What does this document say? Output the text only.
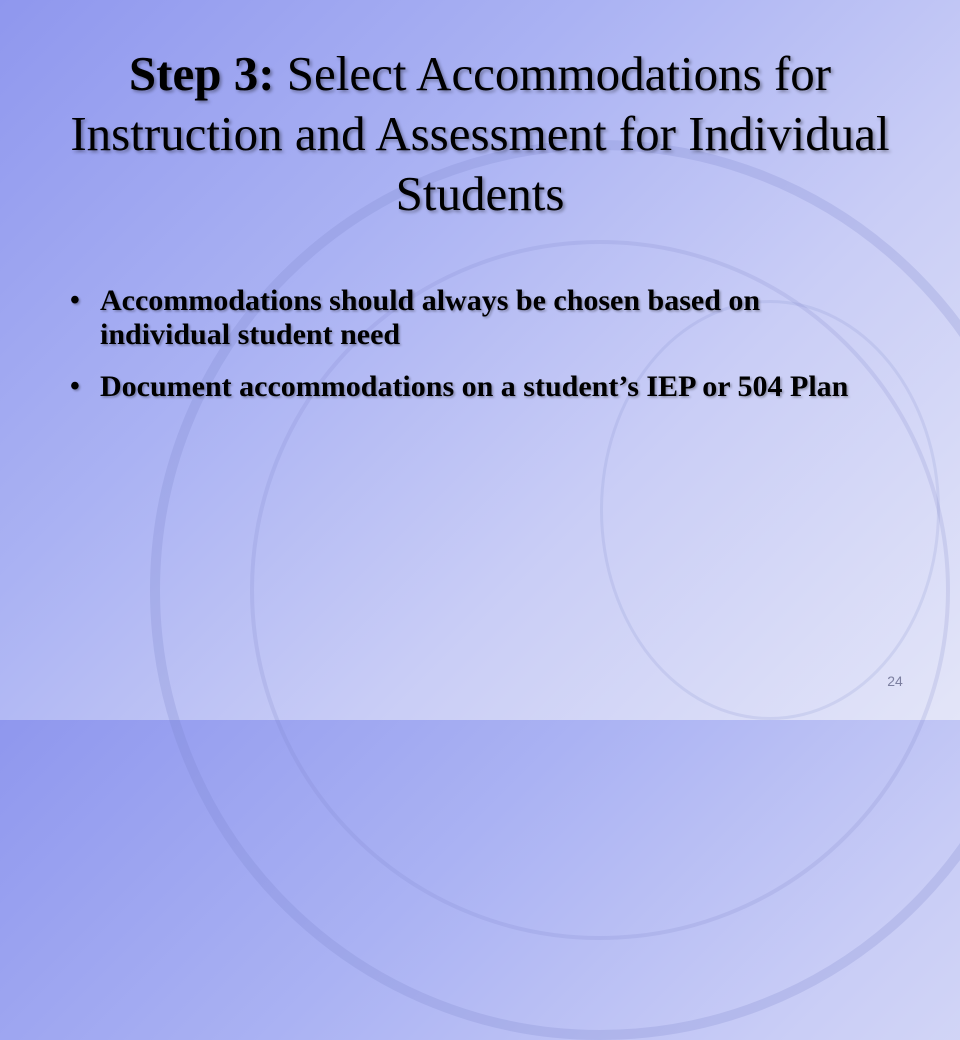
Step 3: Select Accommodations for Instruction and Assessment for Individual Students
• Accommodations should always be chosen based on individual student need
• Document accommodations on a student’s IEP or 504 Plan
24
